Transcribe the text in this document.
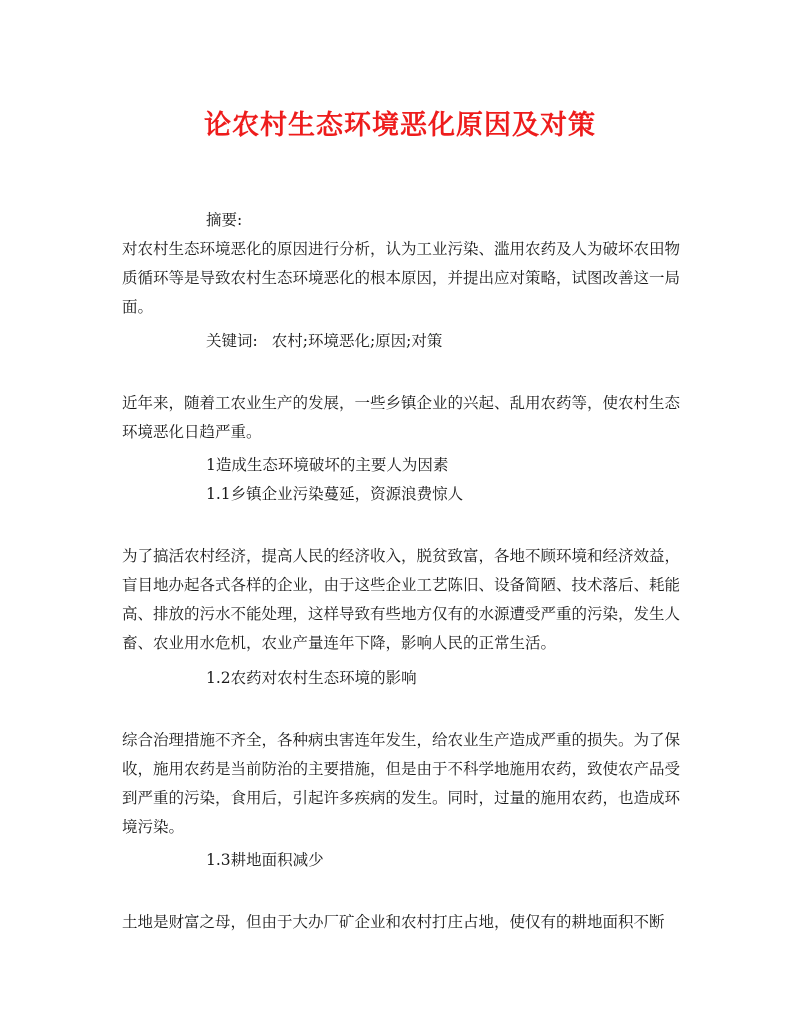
论农村生态环境恶化原因及对策

摘要:

对农村生态环境恶化的原因进行分析，认为工业污染、滥用农药及人为破坏农田物质循环等是导致农村生态环境恶化的根本原因，并提出应对策略，试图改善这一局面。

关键词: 农村;环境恶化;原因;对策

近年来，随着工农业生产的发展，一些乡镇企业的兴起、乱用农药等，使农村生态环境恶化日趋严重。

1造成生态环境破坏的主要人为因素

1.1乡镇企业污染蔓延，资源浪费惊人

为了搞活农村经济，提高人民的经济收入，脱贫致富，各地不顾环境和经济效益，盲目地办起各式各样的企业，由于这些企业工艺陈旧、设备简陋、技术落后、耗能高、排放的污水不能处理，这样导致有些地方仅有的水源遭受严重的污染，发生人畜、农业用水危机，农业产量连年下降，影响人民的正常生活。

1.2农药对农村生态环境的影响

综合治理措施不齐全，各种病虫害连年发生，给农业生产造成严重的损失。为了保收，施用农药是当前防治的主要措施，但是由于不科学地施用农药，致使农产品受到严重的污染，食用后，引起许多疾病的发生。同时，过量的施用农药，也造成环境污染。

1.3耕地面积减少

土地是财富之母，但由于大办厂矿企业和农村打庄占地，使仅有的耕地面积不断
